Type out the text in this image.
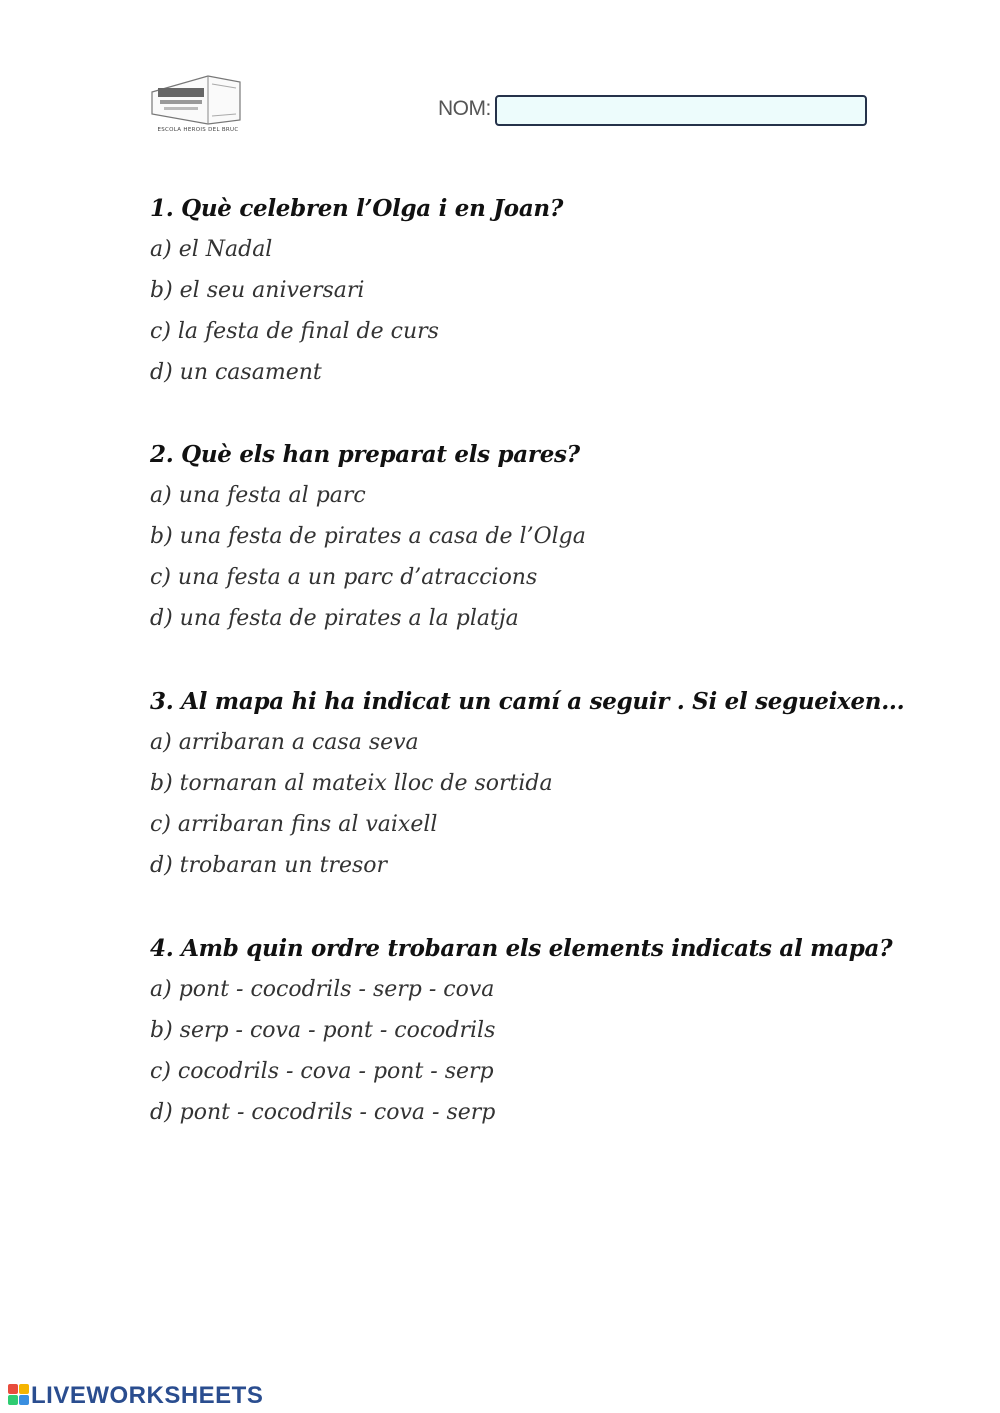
ESCOLA HEROIS DEL BRUC
NOM:
1. Què celebren l’Olga i en Joan?
a) el Nadal
b) el seu aniversari
c) la festa de final de curs
d) un casament
2. Què els han preparat els pares?
a) una festa al parc
b) una festa de pirates a casa de l’Olga
c) una festa a un parc d’atraccions
d) una festa de pirates a la platja
3. Al mapa hi ha indicat un camí a seguir . Si el segueixen...
a) arribaran a casa seva
b) tornaran al mateix lloc de sortida
c) arribaran fins al vaixell
d) trobaran un tresor
4. Amb quin ordre trobaran els elements indicats al mapa?
a) pont - cocodrils - serp - cova
b) serp - cova - pont - cocodrils
c) cocodrils - cova - pont - serp
d) pont - cocodrils - cova - serp
LIVEWORKSHEETS
